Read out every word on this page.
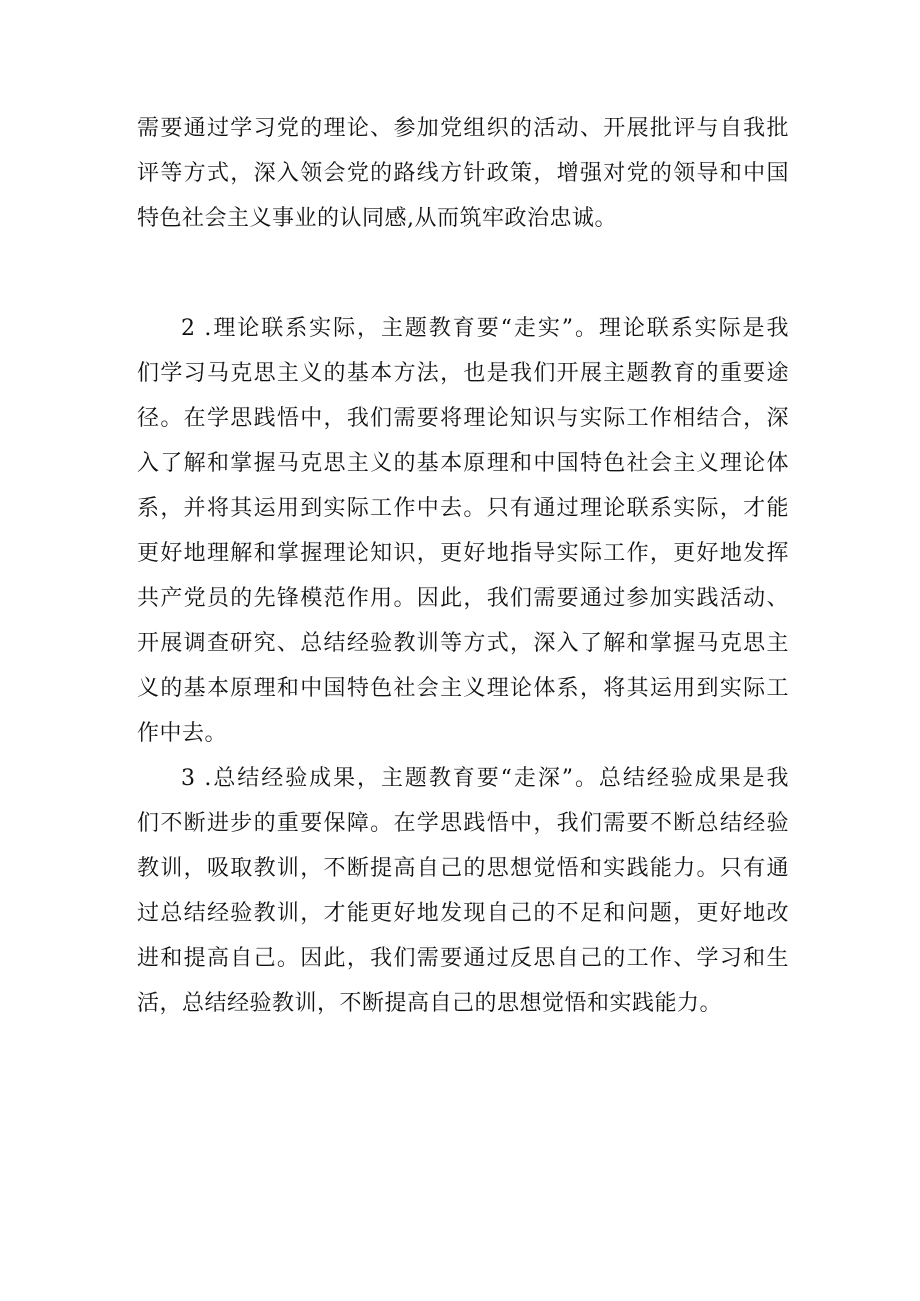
需要通过学习党的理论、参加党组织的活动、开展批评与自我批
评等方式，深入领会党的路线方针政策，增强对党的领导和中国
特色社会主义事业的认同感,从而筑牢政治忠诚。
2 .理论联系实际，主题教育要“走实”。理论联系实际是我
们学习马克思主义的基本方法，也是我们开展主题教育的重要途
径。在学思践悟中，我们需要将理论知识与实际工作相结合，深
入了解和掌握马克思主义的基本原理和中国特色社会主义理论体
系，并将其运用到实际工作中去。只有通过理论联系实际，才能
更好地理解和掌握理论知识，更好地指导实际工作，更好地发挥
共产党员的先锋模范作用。因此，我们需要通过参加实践活动、
开展调查研究、总结经验教训等方式，深入了解和掌握马克思主
义的基本原理和中国特色社会主义理论体系，将其运用到实际工
作中去。
3 .总结经验成果，主题教育要“走深”。总结经验成果是我
们不断进步的重要保障。在学思践悟中，我们需要不断总结经验
教训，吸取教训，不断提高自己的思想觉悟和实践能力。只有通
过总结经验教训，才能更好地发现自己的不足和问题，更好地改
进和提高自己。因此，我们需要通过反思自己的工作、学习和生
活，总结经验教训，不断提高自己的思想觉悟和实践能力。
